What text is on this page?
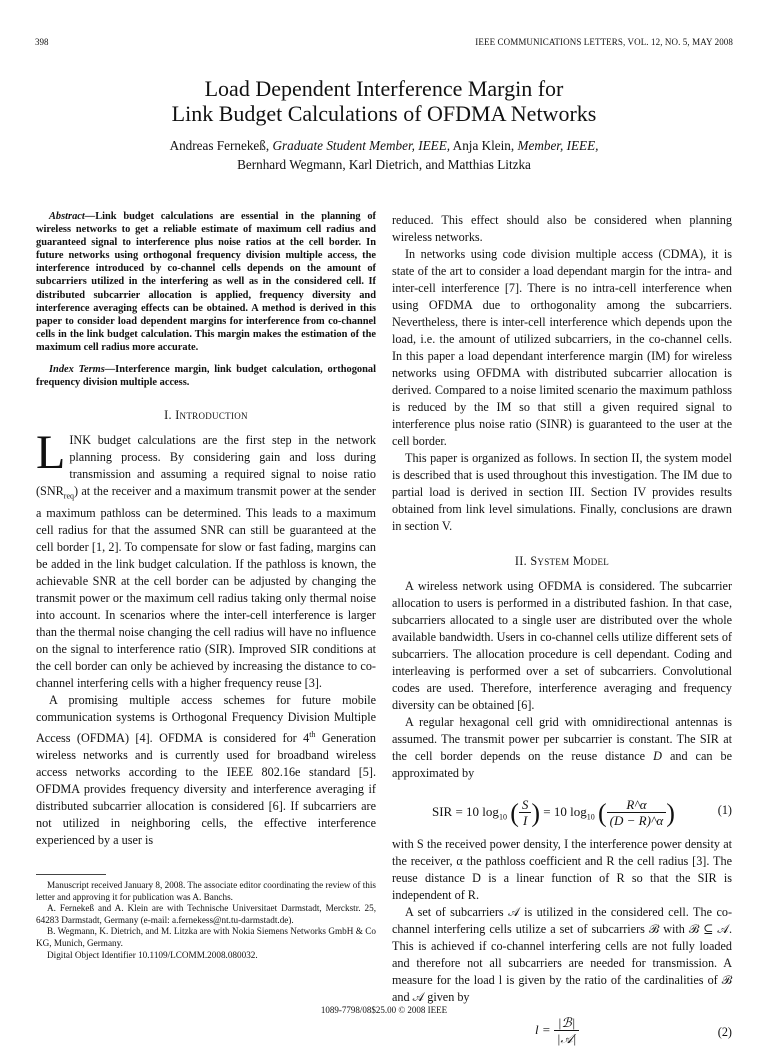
398	IEEE COMMUNICATIONS LETTERS, VOL. 12, NO. 5, MAY 2008
Load Dependent Interference Margin for
Link Budget Calculations of OFDMA Networks
Andreas Fernekeß, Graduate Student Member, IEEE, Anja Klein, Member, IEEE,
Bernhard Wegmann, Karl Dietrich, and Matthias Litzka

Abstract—Link budget calculations are essential in the planning of wireless networks to get a reliable estimate of maximum cell radius and guaranteed signal to interference plus noise ratios at the cell border. In future networks using orthogonal frequency division multiple access, the interference introduced by co-channel cells depends on the amount of subcarriers utilized in the interfering as well as in the considered cell. If distributed subcarrier allocation is applied, frequency diversity and interference averaging effects can be obtained. A method is derived in this paper to consider load dependent margins for interference from co-channel cells in the link budget calculation. This margin makes the estimation of the maximum cell radius more accurate.

Index Terms—Interference margin, link budget calculation, orthogonal frequency division multiple access.

I. Introduction

LINK budget calculations are the first step in the network planning process. By considering gain and loss during transmission and assuming a required signal to noise ratio $(SNR_{req})$ at the receiver and a maximum transmit power at the sender a maximum pathloss can be determined. This leads to a maximum cell radius for that the assumed SNR can still be guaranteed at the cell border [1, 2]. To compensate for slow or fast fading, margins can be added in the link budget calculation. If the pathloss is known, the achievable SNR at the cell border can be adjusted by changing the transmit power or the maximum cell radius taking only thermal noise into account. In scenarios where the inter-cell interference is larger than the thermal noise changing the cell radius will have no influence on the signal to interference ratio (SIR). Improved SIR conditions at the cell border can only be achieved by increasing the distance to co-channel interfering cells with a higher frequency reuse [3].

A promising multiple access schemes for future mobile communication systems is Orthogonal Frequency Division Multiple Access (OFDMA) [4]. OFDMA is considered for 4th Generation wireless networks and is currently used for broadband wireless access networks according to the IEEE 802.16e standard [5]. OFDMA provides frequency diversity and interference averaging if distributed subcarrier allocation is considered [6]. If subcarriers are not utilized in neighboring cells, the effective interference experienced by a user is

Manuscript received January 8, 2008. The associate editor coordinating the review of this letter and approving it for publication was A. Banchs.

A. Fernekeß and A. Klein are with Technische Universitaet Darmstadt, Merckstr. 25, 64283 Darmstadt, Germany (e-mail: a.fernekess@nt.tu-darmstadt.de).

B. Wegmann, K. Dietrich, and M. Litzka are with Nokia Siemens Networks GmbH & Co KG, Munich, Germany.

Digital Object Identifier 10.1109/LCOMM.2008.080032.

reduced. This effect should also be considered when planning wireless networks.

In networks using code division multiple access (CDMA), it is state of the art to consider a load dependant margin for the intra- and inter-cell interference [7]. There is no intra-cell interference when using OFDMA due to orthogonality among the subcarriers. Nevertheless, there is inter-cell interference which depends upon the load, i.e. the amount of utilized subcarriers, in the co-channel cells. In this paper a load dependant interference margin (IM) for wireless networks using OFDMA with distributed subcarrier allocation is derived. Compared to a noise limited scenario the maximum pathloss is reduced by the IM so that still a given required signal to interference plus noise ratio (SINR) is guaranteed to the user at the cell border.

This paper is organized as follows. In section II, the system model is described that is used throughout this investigation. The IM due to partial load is derived in section III. Section IV provides results obtained from link level simulations. Finally, conclusions are drawn in section V.

II. System Model

A wireless network using OFDMA is considered. The subcarrier allocation to users is performed in a distributed fashion. In that case, subcarriers allocated to a single user are distributed over the whole available bandwidth. Users in co-channel cells utilize different sets of subcarriers. The allocation procedure is cell dependant. Coding and interleaving is performed over a set of subcarriers. Convolutional codes are used. Therefore, interference averaging and frequency diversity can be obtained [6].

A regular hexagonal cell grid with omnidirectional antennas is assumed. The transmit power per subcarrier is constant. The SIR at the cell border depends on the reuse distance D and can be approximated by

SIR = 10 $\log_{10}$ ( $\frac{S}{I}$ ) = 10 $\log_{10}$ ( $\frac{R\^{}\alpha}{(D - R)\^{}\alpha}$ )	(1)

with S the received power density, I the interference power density at the receiver, α the pathloss coefficient and R the cell radius [3]. The reuse distance D is a linear function of R so that the SIR is independent of R.

A set of subcarriers 𝒜 is utilized in the considered cell. The co-channel interfering cells utilize a set of subcarriers ℬ with ℬ ⊆ 𝒜. This is achieved if co-channel interfering cells are not fully loaded and therefore not all subcarriers are needed for transmission. A measure for the load l is given by the ratio of the cardinalities of ℬ and 𝒜 given by

$l = \frac{\text{|ℬ|}}{\text{|𝒜|}}$	(2)
1089-7798/08$25.00 © 2008 IEEE
